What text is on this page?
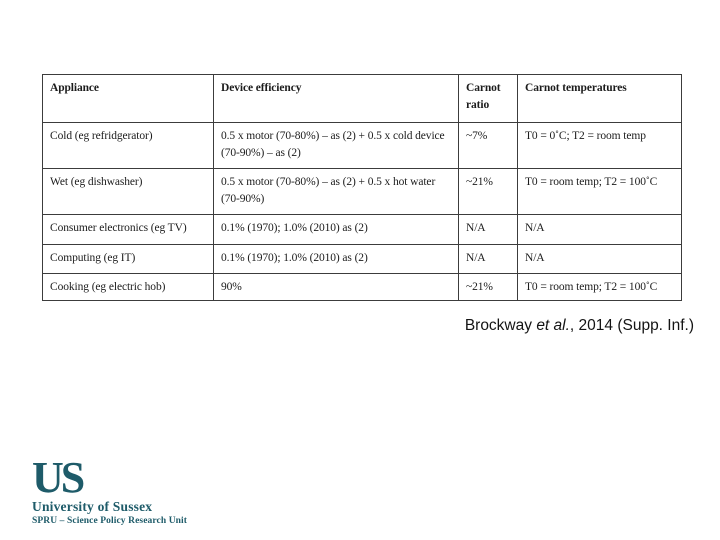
Appliance	Device efficiency	Carnot ratio	Carnot temperatures
Cold (eg refridgerator)	0.5 x motor (70-80%) – as (2) + 0.5 x cold device (70-90%) – as (2)	~7%	T0 = 0˚C; T2 = room temp
Wet (eg dishwasher)	0.5 x motor (70-80%) – as (2) + 0.5 x hot water (70-90%)	~21%	T0 = room temp; T2 = 100˚C
Consumer electronics (eg TV)	0.1% (1970); 1.0% (2010) as (2)	N/A	N/A
Computing (eg IT)	0.1% (1970); 1.0% (2010) as (2)	N/A	N/A
Cooking (eg electric hob)	90%	~21%	T0 = room temp; T2 = 100˚C
Brockway et al., 2014 (Supp. Inf.)
US
University of Sussex
SPRU – Science Policy Research Unit
